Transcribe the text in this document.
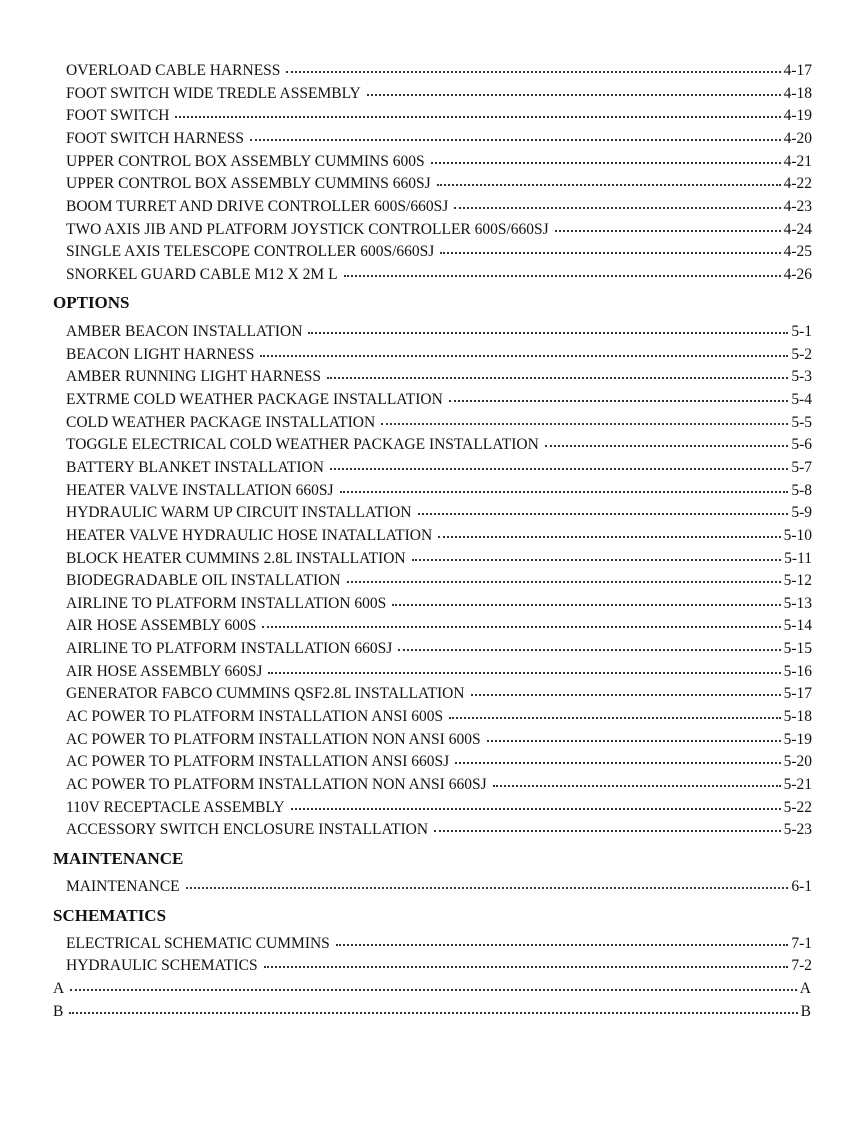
OVERLOAD CABLE HARNESS	4-17
FOOT SWITCH WIDE TREDLE ASSEMBLY	4-18
FOOT SWITCH	4-19
FOOT SWITCH HARNESS	4-20
UPPER CONTROL BOX ASSEMBLY CUMMINS 600S	4-21
UPPER CONTROL BOX ASSEMBLY CUMMINS 660SJ	4-22
BOOM TURRET AND DRIVE CONTROLLER 600S/660SJ	4-23
TWO AXIS JIB AND PLATFORM JOYSTICK CONTROLLER 600S/660SJ	4-24
SINGLE AXIS TELESCOPE CONTROLLER 600S/660SJ	4-25
SNORKEL GUARD CABLE M12 X 2M L	4-26
OPTIONS
AMBER BEACON INSTALLATION	5-1
BEACON LIGHT HARNESS	5-2
AMBER RUNNING LIGHT HARNESS	5-3
EXTRME COLD WEATHER PACKAGE INSTALLATION	5-4
COLD WEATHER PACKAGE INSTALLATION	5-5
TOGGLE ELECTRICAL COLD WEATHER PACKAGE INSTALLATION	5-6
BATTERY BLANKET INSTALLATION	5-7
HEATER VALVE INSTALLATION 660SJ	5-8
HYDRAULIC WARM UP CIRCUIT INSTALLATION	5-9
HEATER VALVE HYDRAULIC HOSE INATALLATION	5-10
BLOCK HEATER CUMMINS 2.8L INSTALLATION	5-11
BIODEGRADABLE OIL INSTALLATION	5-12
AIRLINE TO PLATFORM INSTALLATION 600S	5-13
AIR HOSE ASSEMBLY 600S	5-14
AIRLINE TO PLATFORM INSTALLATION 660SJ	5-15
AIR HOSE ASSEMBLY 660SJ	5-16
GENERATOR FABCO CUMMINS QSF2.8L INSTALLATION	5-17
AC POWER TO PLATFORM INSTALLATION ANSI 600S	5-18
AC POWER TO PLATFORM INSTALLATION NON ANSI 600S	5-19
AC POWER TO PLATFORM INSTALLATION ANSI 660SJ	5-20
AC POWER TO PLATFORM INSTALLATION NON ANSI 660SJ	5-21
110V RECEPTACLE ASSEMBLY	5-22
ACCESSORY SWITCH ENCLOSURE INSTALLATION	5-23
MAINTENANCE
MAINTENANCE	6-1
SCHEMATICS
ELECTRICAL SCHEMATIC CUMMINS	7-1
HYDRAULIC SCHEMATICS	7-2
A	A
B	B
